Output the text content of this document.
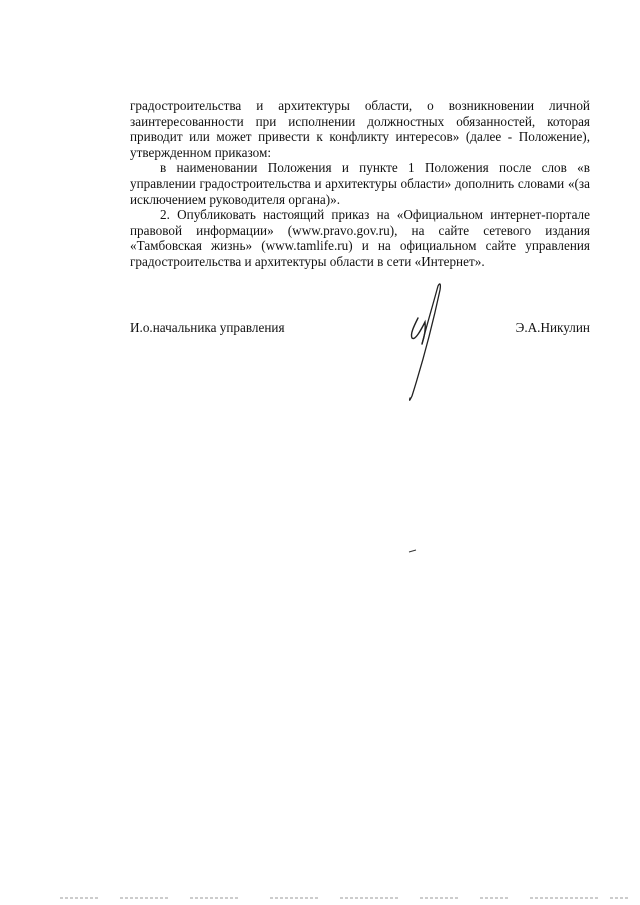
градостроительства и архитектуры области, о возникновении личной заинтересованности при исполнении должностных обязанностей, которая приводит или может привести к конфликту интересов» (далее - Положение), утвержденном приказом:

в наименовании Положения и пункте 1 Положения после слов «в управлении градостроительства и архитектуры области» дополнить словами «(за исключением руководителя органа)».

2. Опубликовать настоящий приказ на «Официальном интернет-портале правовой информации» (www.pravo.gov.ru), на сайте сетевого издания «Тамбовская жизнь» (www.tamlife.ru) и на официальном сайте управления градостроительства и архитектуры области в сети «Интернет».

И.о.начальника управления	Э.А.Никулин
